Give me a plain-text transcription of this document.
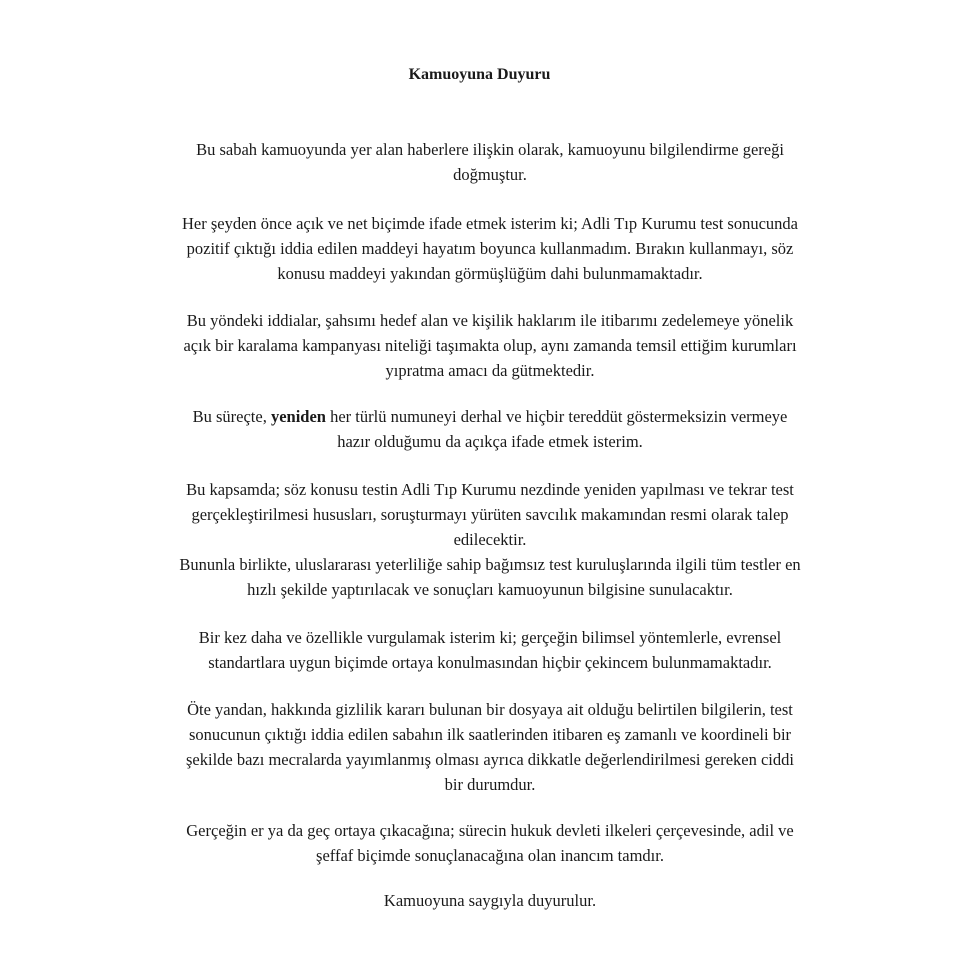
Kamuoyuna Duyuru

Bu sabah kamuoyunda yer alan haberlere ilişkin olarak, kamuoyunu bilgilendirme gereği
doğmuştur.

Her şeyden önce açık ve net biçimde ifade etmek isterim ki; Adli Tıp Kurumu test sonucunda
pozitif çıktığı iddia edilen maddeyi hayatım boyunca kullanmadım. Bırakın kullanmayı, söz
konusu maddeyi yakından görmüşlüğüm dahi bulunmamaktadır.

Bu yöndeki iddialar, şahsımı hedef alan ve kişilik haklarım ile itibarımı zedelemeye yönelik
açık bir karalama kampanyası niteliği taşımakta olup, aynı zamanda temsil ettiğim kurumları
yıpratma amacı da gütmektedir.

Bu süreçte, yeniden her türlü numuneyi derhal ve hiçbir tereddüt göstermeksizin vermeye
hazır olduğumu da açıkça ifade etmek isterim.

Bu kapsamda; söz konusu testin Adli Tıp Kurumu nezdinde yeniden yapılması ve tekrar test
gerçekleştirilmesi hususları, soruşturmayı yürüten savcılık makamından resmi olarak talep
edilecektir.
Bununla birlikte, uluslararası yeterliliğe sahip bağımsız test kuruluşlarında ilgili tüm testler en
hızlı şekilde yaptırılacak ve sonuçları kamuoyunun bilgisine sunulacaktır.

Bir kez daha ve özellikle vurgulamak isterim ki; gerçeğin bilimsel yöntemlerle, evrensel
standartlara uygun biçimde ortaya konulmasından hiçbir çekincem bulunmamaktadır.

Öte yandan, hakkında gizlilik kararı bulunan bir dosyaya ait olduğu belirtilen bilgilerin, test
sonucunun çıktığı iddia edilen sabahın ilk saatlerinden itibaren eş zamanlı ve koordineli bir
şekilde bazı mecralarda yayımlanmış olması ayrıca dikkatle değerlendirilmesi gereken ciddi
bir durumdur.

Gerçeğin er ya da geç ortaya çıkacağına; sürecin hukuk devleti ilkeleri çerçevesinde, adil ve
şeffaf biçimde sonuçlanacağına olan inancım tamdır.

Kamuoyuna saygıyla duyurulur.
